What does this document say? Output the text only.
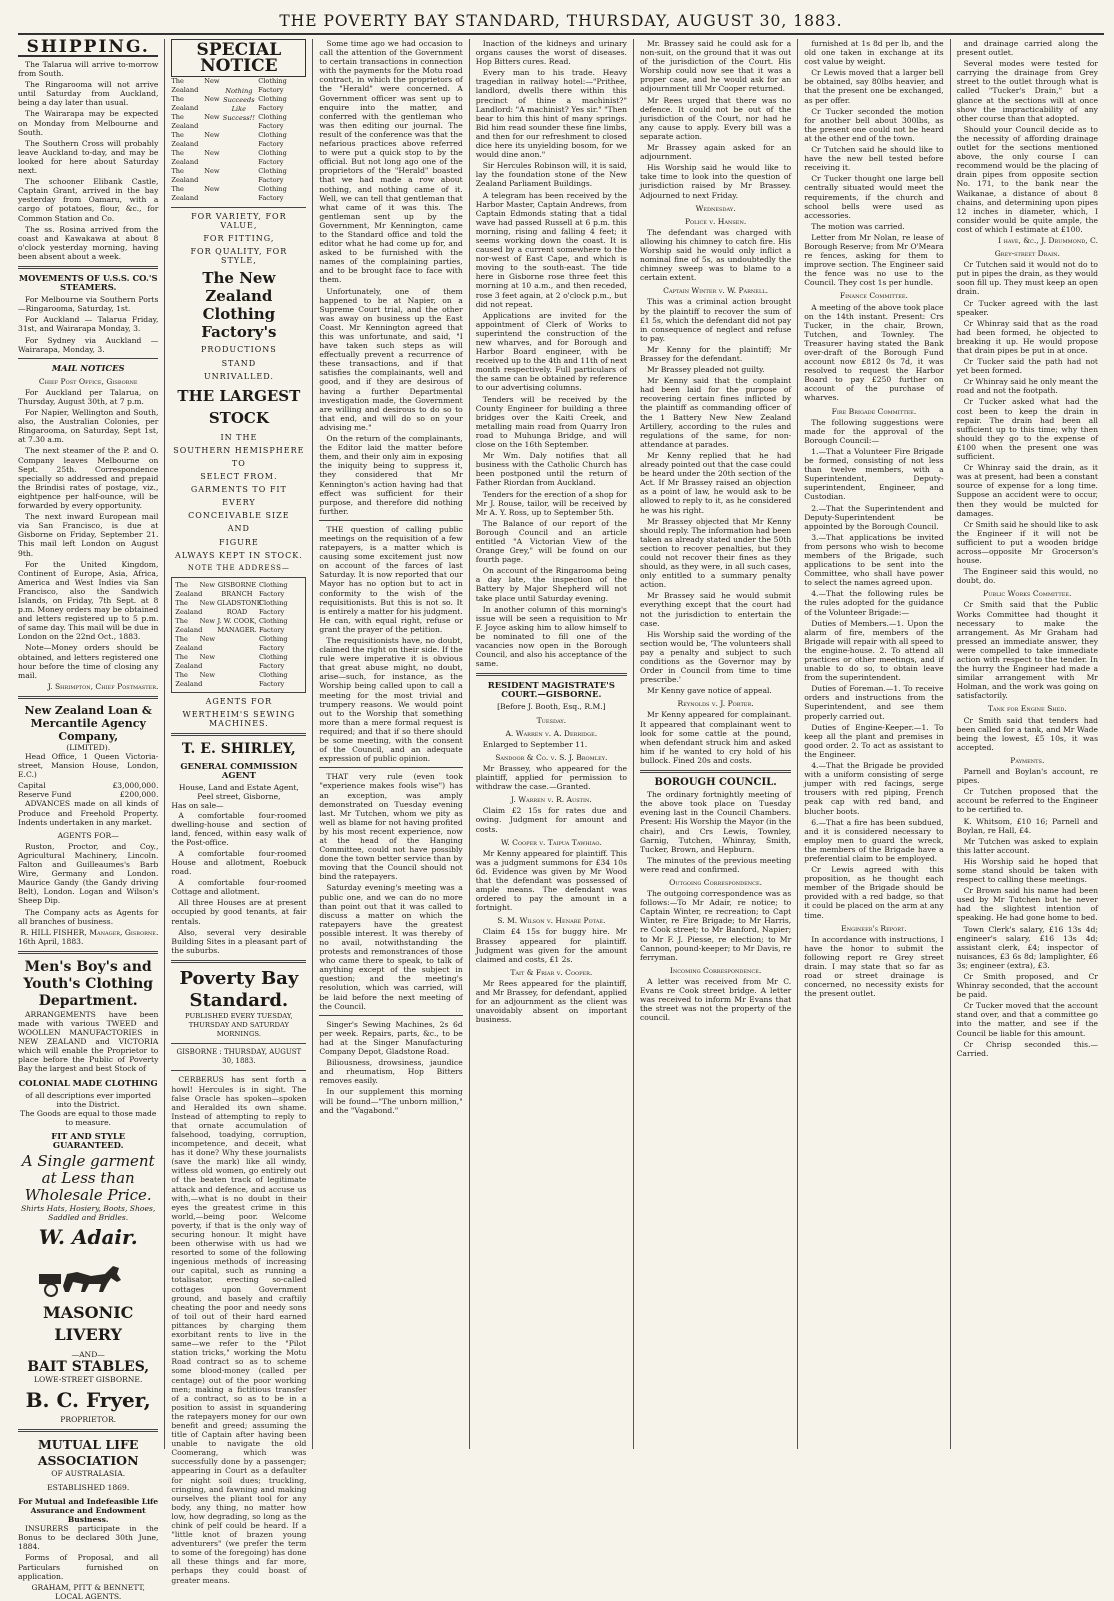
THE POVERTY BAY STANDARD, THURSDAY, AUGUST 30, 1883.
SHIPPING.

The Talarua will arrive to-morrow from South.

The Ringarooma will not arrive until Saturday from Auckland, being a day later than usual.

The Wairarapa may be expected on Monday from Melbourne and South.

The Southern Cross will probably leave Auckland to-day, and may be looked for here about Saturday next.

The schooner Elibank Castle, Captain Grant, arrived in the bay yesterday from Oamaru, with a cargo of potatoes, flour, &c., for Common Station and Co.

The ss. Rosina arrived from the coast and Kawakawa at about 8 o'clock yesterday morning, having been absent about a week.

MOVEMENTS OF U.S.S. CO.'S STEAMERS.

For Melbourne via Southern Ports—Ringarooma, Saturday, 1st.

For Auckland — Talarua Friday, 31st, and Wairarapa Monday, 3.

For Sydney via Auckland — Wairarapa, Monday, 3.

MAIL NOTICES
Chief Post Office, Gisborne

For Auckland per Talarua, on Thursday, August 30th, at 7 p.m.

For Napier, Wellington and South, also, the Australian Colonies, per Ringarooma, on Saturday, Sept 1st, at 7.30 a.m.

The next steamer of the P. and O. Company leaves Melbourne on Sept. 25th. Correspondence specially so addressed and prepaid the Brindisi rates of postage, viz., eightpence per half-ounce, will be forwarded by every opportunity.

The next inward European mail via San Francisco, is due at Gisborne on Friday, September 21. This mail left London on August 9th.

For the United Kingdom, Continent of Europe, Asia, Africa, America and West Indies via San Francisco, also the Sandwich Islands, on Friday, 7th Sept. at 8 p.m. Money orders may be obtained and letters registered up to 5 p.m. of same day. This mail will be due in London on the 22nd Oct., 1883.

Note—Money orders should be obtained, and letters registered one hour before the time of closing any mail.

J. Shrimpton, Chief Postmaster.
New Zealand Loan & Mercantile Agency Company,
(LIMITED).

Head Office, 1 Queen Victoria-street, Mansion House, London, E.C.)

Capital	£3,000,000.
Reserve Fund	£200,000.

ADVANCES made on all kinds of Produce and Freehold Property. Indents undertaken in any market.

AGENTS FOR—

Ruston, Proctor, and Coy., Agricultural Machinery, Lincoln. Falton and Guilleaumes's Barb Wire, Germany and London. Maurice Gandy (the Gandy driving Belt), London. Logan and Wilson's Sheep Dip.

The Company acts as Agents for all branches of business.

R. HILL FISHER, Manager, Gisborne.
16th April, 1883.
Men's Boy's and Youth's Clothing Department.

ARRANGEMENTS have been made with various TWEED and WOOLLEN MANUFACTORIES in NEW ZEALAND and VICTORIA which will enable the Proprietor to place before the Public of Poverty Bay the largest and best Stock of

COLONIAL MADE CLOTHING
of all descriptions ever imported into the District.
The Goods are equal to those made to measure.
FIT AND STYLE GUARANTEED.
A Single garment at Less than Wholesale Price.
Shirts Hats, Hosiery, Boots, Shoes, Saddled and Bridles.
W. Adair.
MASONIC LIVERY
—AND—
BAIT STABLES,
LOWE-STREET GISBORNE.
B. C. Fryer,
PROPRIETOR.
MUTUAL LIFE ASSOCIATION
OF AUSTRALASIA.
ESTABLISHED 1869.
For Mutual and Indefeasible Life Assurance and Endowment Business.

INSURERS participate in the Bonus to be declared 30th June, 1884.

Forms of Proposal, and all Particulars furnished on application.

GRAHAM, PITT & BENNETT,
LOCAL AGENTS.
SPECIAL NOTICE
The New Zealand
The New Zealand
The New Zealand
The New Zealand
The New Zealand
The New Zealand
The New Zealand
Nothing Succeeds Like Success!!
Clothing Factory
Clothing Factory
Clothing Factory
Clothing Factory
Clothing Factory
Clothing Factory
Clothing Factory
FOR VARIETY, FOR VALUE,
FOR FITTING,
FOR QUALITY, FOR STYLE,
The New Zealand Clothing Factory's
PRODUCTIONS
STAND
UNRIVALLED.
THE LARGEST STOCK
IN THE
SOUTHERN HEMISPHERE
TO
SELECT FROM.
GARMENTS TO FIT
EVERY
CONCEIVABLE SIZE
AND
FIGURE
ALWAYS KEPT IN STOCK.
NOTE THE ADDRESS—
The New Zealand
The New Zealand
The New Zealand
The New Zealand
The New Zealand
The New Zealand
GISBORNE
BRANCH
GLADSTONE
ROAD
J. W. COOK,
MANAGER.
Clothing Factory
Clothing Factory
Clothing Factory
Clothing Factory
Clothing Factory
Clothing Factory
AGENTS FOR
WERTHEIM'S SEWING MACHINES.
T. E. SHIRLEY,
GENERAL COMMISSION AGENT
House, Land and Estate Agent,
Peel street, Gisborne,
Has on sale—

A comfortable four-roomed dwelling-house and section of land, fenced, within easy walk of the Post-office.

A comfortable four-roomed House and allotment, Roebuck road.

A comfortable four-roomed Cottage and allotment.

All three Houses are at present occupied by good tenants, at fair rentals.

Also, several very desirable Building Sites in a pleasant part of the suburbs.

Poverty Bay Standard.
PUBLISHED EVERY TUESDAY, THURSDAY AND SATURDAY MORNINGS.
GISBORNE : THURSDAY, AUGUST 30, 1883.

CERBERUS has sent forth a howl! Hercules is in sight. The false Oracle has spoken—spoken and Heralded its own shame. Instead of attempting to reply to that ornate accumulation of falsehood, toadying, corruption, incompetence, and deceit, what has it done? Why these journalists (save the mark) like all windy, witless old women, go entirely out of the beaten track of legitimate attack and defence, and accuse us with,—what is no doubt in their eyes the greatest crime in this world,—being poor. Welcome poverty, if that is the only way of securing honour. It might have been otherwise with us had we resorted to some of the following ingenious methods of increasing our capital, such as running a totalisator, erecting so-called cottages upon Government ground, and basely and craftily cheating the poor and needy sons of toil out of their hard earned pittances by charging them exorbitant rents to live in the same—we refer to the "Pilot station tricks," working the Motu Road contract so as to scheme some blood-money (called per centage) out of the poor working men; making a fictitious transfer of a contract, so as to be in a position to assist in squandering the ratepayers money for our own benefit and greed; assuming the title of Captain after having been unable to navigate the old Coomerang, which was successfully done by a passenger; appearing in Court as a defaulter for night soil dues; truckling, cringing, and fawning and making ourselves the pliant tool for any body, any thing, no matter how low, how degrading, so long as the chink of pelf could be heard. If a "little knot of brazen young adventurers" (we prefer the term to some of the foregoing) has done all these things and far more, perhaps they could boast of greater means.

Some time ago we had occasion to call the attention of the Government to certain transactions in connection with the payments for the Motu road contract, in which the proprietors of the "Herald" were concerned. A Government officer was sent up to enquire into the matter, and conferred with the gentleman who was then editing our journal. The result of the conference was that the nefarious practices above referred to were put a quick stop to by the official. But not long ago one of the proprietors of the "Herald" boasted that we had made a row about nothing, and nothing came of it. Well, we can tell that gentleman that what came of it was this. The gentleman sent up by the Government, Mr Kennington, came to the Standard office and told the editor what he had come up for, and asked to be furnished with the names of the complaining parties, and to be brought face to face with them.

Unfortunately, one of them happened to be at Napier, on a Supreme Court trial, and the other was away on business up the East Coast. Mr Kennington agreed that this was unfortunate, and said, "I have taken such steps as will effectually prevent a recurrence of these transactions, and if that satisfies the complainants, well and good, and if they are desirous of having a further Departmental investigation made, the Government are willing and desirous to do so to that end, and will do so on your advising me."

On the return of the complainants, the Editor laid the matter before them, and their only aim in exposing the iniquity being to suppress it, they considered that Mr Kennington's action having had that effect was sufficient for their purpose, and therefore did nothing further.

THE question of calling public meetings on the requisition of a few ratepayers, is a matter which is causing some excitement just now on account of the farces of last Saturday. It is now reported that our Mayor has no option but to act in conformity to the wish of the requisitionists. But this is not so. It is entirely a matter for his judgment. He can, with equal right, refuse or grant the prayer of the petition.

The requisitionists have, no doubt, claimed the right on their side. If the rule were imperative it is obvious that great abuse might, no doubt, arise—such, for instance, as the Worship being called upon to call a meeting for the most trivial and trumpery reasons. We would point out to the Worship that something more than a mere formal request is required; and that if so there should be some meeting, with the consent of the Council, and an adequate expression of public opinion.

THAT very rule (even took "experience makes fools wise") has an exception, was amply demonstrated on Tuesday evening last. Mr Tutchen, whom we pity as well as blame for not having profited by his most recent experience, now at the head of the Hanging Committee, could not have possibly done the town better service than by moving that the Council should not bind the ratepayers.

Saturday evening's meeting was a public one, and we can do no more than point out that it was called to discuss a matter on which the ratepayers have the greatest possible interest. It was thereby of no avail, notwithstanding the protests and remonstrances of those who came there to speak, to talk of anything except of the subject in question; and the meeting's resolution, which was carried, will be laid before the next meeting of the Council.

Singer's Sewing Machines, 2s 6d per week. Repairs, parts, &c., to be had at the Singer Manufacturing Company Depot, Gladstone Road.

Biliousness, drowsiness, jaundice and rheumatism, Hop Bitters removes easily.

In our supplement this morning will be found—"The unborn million," and the "Vagabond."

Inaction of the kidneys and urinary organs causes the worst of diseases. Hop Bitters cures. Read.

Every man to his trade. Heavy tragedian in railway hotel:—"Prithee, landlord, dwells there within this precinct of thine a machinist?" Landlord: "A machinist? Yes sir." "Then bear to him this hint of many springs. Bid him read sounder these fine limbs, and then for our refreshment to closed dice here its unyielding bosom, for we would dine anon."

Sir Hercules Robinson will, it is said, lay the foundation stone of the New Zealand Parliament Buildings.

A telegram has been received by the Harbor Master, Captain Andrews, from Captain Edmonds stating that a tidal wave had passed Russell at 6 p.m. this morning, rising and falling 4 feet; it seems working down the coast. It is caused by a current somewhere to the nor-west of East Cape, and which is moving to the south-east. The tide here in Gisborne rose three feet this morning at 10 a.m., and then receded, rose 3 feet again, at 2 o'clock p.m., but did not repeat.

Applications are invited for the appointment of Clerk of Works to superintend the construction of the new wharves, and for Borough and Harbor Board engineer, with be received up to the 4th and 11th of next month respectively. Full particulars of the same can be obtained by reference to our advertising columns.

Tenders will be received by the County Engineer for building a three bridges over the Kaiti Creek, and metalling main road from Quarry Iron road to Muhunga Bridge, and will close on the 16th September.

Mr Wm. Daly notifies that all business with the Catholic Church has been postponed until the return of Father Riordan from Auckland.

Tenders for the erection of a shop for Mr J. Rouse, tailor, will be received by Mr A. Y. Ross, up to September 5th.

The Balance of our report of the Borough Council and an article entitled "A Victorian View of the Orange Grey," will be found on our fourth page.

On account of the Ringarooma being a day late, the inspection of the Battery by Major Shepherd will not take place until Saturday evening.

In another column of this morning's issue will be seen a requisition to Mr F. Joyce asking him to allow himself to be nominated to fill one of the vacancies now open in the Borough Council, and also his acceptance of the same.

RESIDENT MAGISTRATE'S COURT.—GISBORNE.
[Before J. Booth, Esq., R.M.]
Tuesday.
A. Warren v. A. Derridge.

Enlarged to September 11.

Sandoor & Co. v. S. J. Bromley.

Mr Brassey, who appeared for the plaintiff, applied for permission to withdraw the case.—Granted.

J. Warren v. R. Austin.

Claim £2 15s for rates due and owing. Judgment for amount and costs.

W. Cooper v. Taipua Tawhiao.

Mr Kenny appeared for plaintiff. This was a judgment summons for £34 10s 6d. Evidence was given by Mr Wood that the defendant was possessed of ample means. The defendant was ordered to pay the amount in a fortnight.

S. M. Wilson v. Henare Potae.

Claim £4 15s for buggy hire. Mr Brassey appeared for plaintiff. Judgment was given for the amount claimed and costs, £1 2s.

Tait & Friar v. Cooper.

Mr Rees appeared for the plaintiff, and Mr Brassey, for defendant, applied for an adjournment as the client was unavoidably absent on important business.

Mr. Brassey said he could ask for a non-suit, on the ground that it was out of the jurisdiction of the Court. His Worship could now see that it was a proper case, and he would ask for an adjournment till Mr Cooper returned.

Mr Rees urged that there was no defence. It could not be out of the jurisdiction of the Court, nor had he any cause to apply. Every bill was a separate action.

Mr Brassey again asked for an adjournment.

His Worship said he would like to take time to look into the question of jurisdiction raised by Mr Brassey. Adjourned to next Friday.

Wednesday.
Police v. Hansen.

The defendant was charged with allowing his chimney to catch fire. His Worship said he would only inflict a nominal fine of 5s, as undoubtedly the chimney sweep was to blame to a certain extent.

Captain Winter v. W. Parnell.

This was a criminal action brought by the plaintiff to recover the sum of £1 5s, which the defendant did not pay in consequence of neglect and refuse to pay.

Mr Kenny for the plaintiff; Mr Brassey for the defendant.

Mr Brassey pleaded not guilty.

Mr Kenny said that the complaint had been laid for the purpose of recovering certain fines inflicted by the plaintiff as commanding officer of the 1 Battery New New Zealand Artillery, according to the rules and regulations of the same, for non-attendance at parades.

Mr Kenny replied that he had already pointed out that the case could be heard under the 20th section of the Act. If Mr Brassey raised an objection as a point of law, he would ask to be allowed to reply to it, as he considered he was his right.

Mr Brassey objected that Mr Kenny should reply. The information had been taken as already stated under the 50th section to recover penalties, but they could not recover their fines as they should, as they were, in all such cases, only entitled to a summary penalty action.

Mr Brassey said he would submit everything except that the court had not the jurisdiction to entertain the case.

His Worship said the wording of the section would be, 'The volunteers shall pay a penalty and subject to such conditions as the Governor may by Order in Council from time to time prescribe.'

Mr Kenny gave notice of appeal.

Reynolds v. J. Porter.

Mr Kenny appeared for complainant. It appeared that complainant went to look for some cattle at the pound, when defendant struck him and asked him if he wanted to cry hold of his bullock. Fined 20s and costs.

BOROUGH COUNCIL.

The ordinary fortnightly meeting of the above took place on Tuesday evening last in the Council Chambers. Present: His Worship the Mayor (in the chair), and Crs Lewis, Townley, Garnig, Tutchen, Whinray, Smith, Tucker, Brown, and Hepburn.

The minutes of the previous meeting were read and confirmed.

Outgoing Correspondence.

The outgoing correspondence was as follows:—To Mr Adair, re notice; to Captain Winter, re recreation; to Capt Winter, re Fire Brigade; to Mr Harris, re Cook street; to Mr Banford, Napier; to Mr F. J. Piesse, re election; to Mr Cannon, pound-keeper; to Mr Davis, re ferryman.

Incoming Correspondence.

A letter was received from Mr C. Evans re Cook street bridge. A letter was received to inform Mr Evans that the street was not the property of the council.

furnished at 1s 8d per lb, and the old one taken in exchange at its cost value by weight.

Cr Lewis moved that a larger bell be obtained, say 80lbs heavier, and that the present one be exchanged, as per offer.

Cr Tucker seconded the motion for another bell about 300lbs, as the present one could not be heard at the other end of the town.

Cr Tutchen said he should like to have the new bell tested before receiving it.

Cr Tucker thought one large bell centrally situated would meet the requirements, if the church and school bells were used as accessories.

The motion was carried.

Letter from Mr Nolan, re lease of Borough Reserve; from Mr O'Meara re fences, asking for them to improve section. The Engineer said the fence was no use to the Council. They cost 1s per hundle.

Finance Committee.

A meeting of the above took place on the 14th instant. Present: Crs Tucker, in the chair, Brown, Tutchen, and Townley. The Treasurer having stated the Bank over-draft of the Borough Fund account now £812 0s 7d, it was resolved to request the Harbor Board to pay £250 further on account of the purchase of wharves.

Fire Brigade Committee.

The following suggestions were made for the approval of the Borough Council:—

1.—That a Volunteer Fire Brigade be formed, consisting of not less than twelve members, with a Superintendent, Deputy-superintendent, Engineer, and Custodian.

2.—That the Superintendent and Deputy-Superintendent be appointed by the Borough Council.

3.—That applications be invited from persons who wish to become members of the Brigade, such applications to be sent into the Committee, who shall have power to select the names agreed upon.

4.—That the following rules be the rules adopted for the guidance of the Volunteer Brigade:—

Duties of Members.—1. Upon the alarm of fire, members of the Brigade will repair with all speed to the engine-house. 2. To attend all practices or other meetings, and if unable to do so, to obtain leave from the superintendent.

Duties of Foreman.—1. To receive orders and instructions from the Superintendent, and see them properly carried out.

Duties of Engine-Keeper.—1. To keep all the plant and premises in good order. 2. To act as assistant to the Engineer.

4.—That the Brigade be provided with a uniform consisting of serge jumper with red facings, serge trousers with red piping, French peak cap with red band, and blucher boots.

6.—That a fire has been subdued, and it is considered necessary to employ men to guard the wreck, the members of the Brigade have a preferential claim to be employed.

Cr Lewis agreed with this proposition, as he thought each member of the Brigade should be provided with a red badge, so that it could be placed on the arm at any time.

Engineer's Report.

In accordance with instructions, I have the honor to submit the following report re Grey street drain. I may state that so far as road or street drainage is concerned, no necessity exists for the present outlet.

and drainage carried along the present outlet.

Several modes were tested for carrying the drainage from Grey street to the outlet through what is called "Tucker's Drain," but a glance at the sections will at once show the impracticability of any other course than that adopted.

Should your Council decide as to the necessity of affording drainage outlet for the sections mentioned above, the only course I can recommend would be the placing of drain pipes from opposite section No. 171, to the bank near the Waikanae, a distance of about 8 chains, and determining upon pipes 12 inches in diameter, which, I consider would be quite ample, the cost of which I estimate at £100.

I have, &c., J. Drummond, C.
Grey-street Drain.

Cr Tutchen said it would not do to put in pipes the drain, as they would soon fill up. They must keep an open drain.

Cr Tucker agreed with the last speaker.

Cr Whinray said that as the road had been formed, he objected to breaking it up. He would propose that drain pipes be put in at once.

Cr Tucker said the path had not yet been formed.

Cr Whinray said he only meant the road and not the footpath.

Cr Tucker asked what had the cost been to keep the drain in repair. The drain had been all sufficient up to this time; why then should they go to the expense of £100 when the present one was sufficient.

Cr Whinray said the drain, as it was at present, had been a constant source of expense for a long time. Suppose an accident were to occur, then they would be mulcted for damages.

Cr Smith said he should like to ask the Engineer if it will not be sufficient to put a wooden bridge across—opposite Mr Grocerson's house.

The Engineer said this would, no doubt, do.

Public Works Committee.

Cr Smith said that the Public Works Committee had thought it necessary to make the arrangement. As Mr Graham had pressed an immediate answer, they were compelled to take immediate action with respect to the tender. In the hurry the Engineer had made a similar arrangement with Mr Holman, and the work was going on satisfactorily.

Tank for Engine Shed.

Cr Smith said that tenders had been called for a tank, and Mr Wade being the lowest, £5 10s, it was accepted.

Payments.

Parnell and Boylan's account, re pipes.

Cr Tutchen proposed that the account be referred to the Engineer to be certified to.

K. Whitsom, £10 16; Parnell and Boylan, re Hall, £4.

Mr Tutchen was asked to explain this latter account.

His Worship said he hoped that some stand should be taken with respect to calling these meetings.

Cr Brown said his name had been used by Mr Tutchen but he never had the slightest intention of speaking. He had gone home to bed.

Town Clerk's salary, £16 13s 4d; engineer's salary, £16 13s 4d; assistant clerk, £4; inspector of nuisances, £3 6s 8d; lamplighter, £6 3s; engineer (extra), £3.

Cr Smith proposed, and Cr Whinray seconded, that the account be paid.

Cr Tucker moved that the account stand over, and that a committee go into the matter, and see if the Council be liable for this amount.

Cr Chrisp seconded this.—Carried.
